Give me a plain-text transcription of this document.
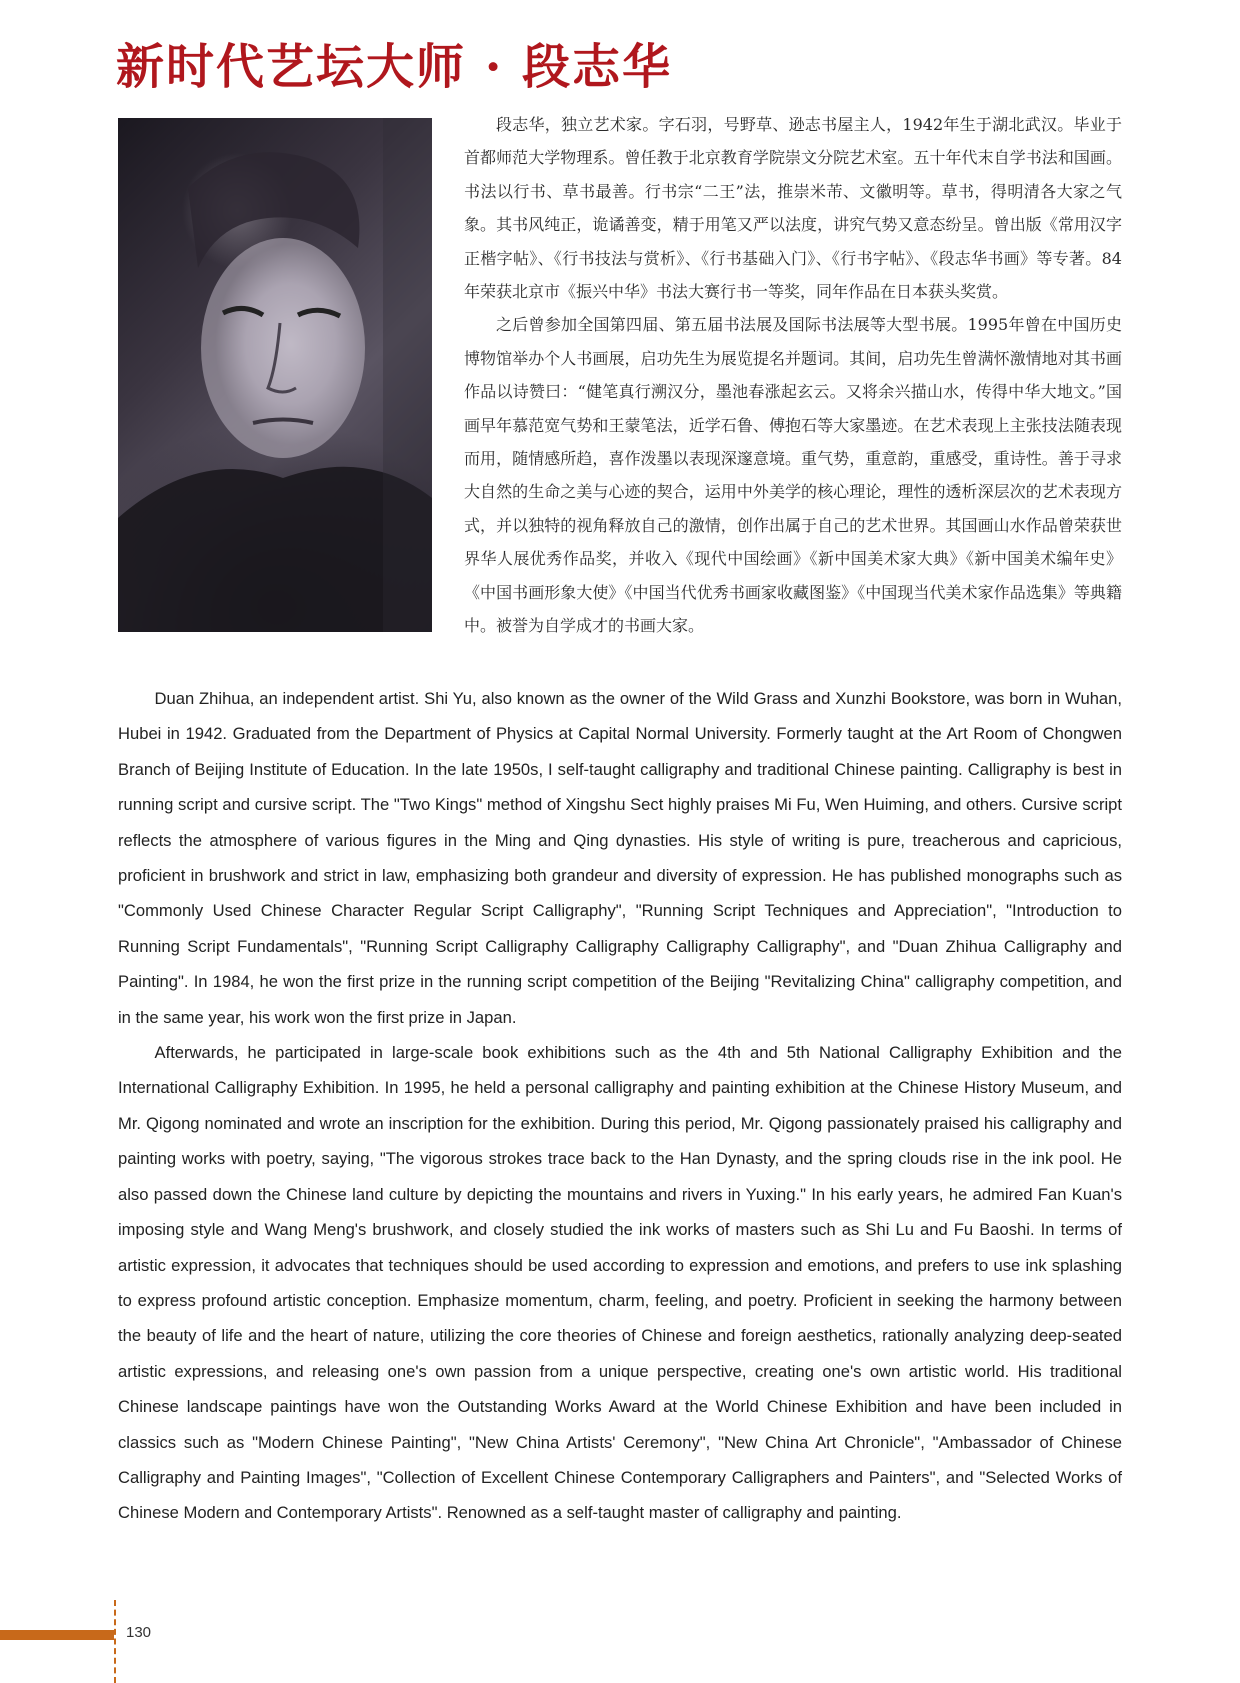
新时代艺坛大师 · 段志华

段志华，独立艺术家。字石羽，号野草、逊志书屋主人，1942年生于湖北武汉。毕业于首都师范大学物理系。曾任教于北京教育学院崇文分院艺术室。五十年代末自学书法和国画。书法以行书、草书最善。行书宗“二王”法，推崇米芾、文徽明等。草书，得明清各大家之气象。其书风纯正，诡谲善变，精于用笔又严以法度，讲究气势又意态纷呈。曾出版《常用汉字正楷字帖》、《行书技法与赏析》、《行书基础入门》、《行书字帖》、《段志华书画》等专著。84年荣获北京市《振兴中华》书法大赛行书一等奖，同年作品在日本获头奖赏。

之后曾参加全国第四届、第五届书法展及国际书法展等大型书展。1995年曾在中国历史博物馆举办个人书画展，启功先生为展览提名并题词。其间，启功先生曾满怀激情地对其书画作品以诗赞曰：“健笔真行溯汉分，墨池春涨起玄云。又将余兴描山水，传得中华大地文。”国画早年慕范宽气势和王蒙笔法，近学石鲁、傅抱石等大家墨迹。在艺术表现上主张技法随表现而用，随情感所趋，喜作泼墨以表现深邃意境。重气势，重意韵，重感受，重诗性。善于寻求大自然的生命之美与心迹的契合，运用中外美学的核心理论，理性的透析深层次的艺术表现方式，并以独特的视角释放自己的激情，创作出属于自己的艺术世界。其国画山水作品曾荣获世界华人展优秀作品奖，并收入《现代中国绘画》《新中国美术家大典》《新中国美术编年史》《中国书画形象大使》《中国当代优秀书画家收藏图鉴》《中国现当代美术家作品选集》等典籍中。被誉为自学成才的书画大家。

Duan Zhihua, an independent artist. Shi Yu, also known as the owner of the Wild Grass and Xunzhi Bookstore, was born in Wuhan, Hubei in 1942. Graduated from the Department of Physics at Capital Normal University. Formerly taught at the Art Room of Chongwen Branch of Beijing Institute of Education. In the late 1950s, I self-taught calligraphy and traditional Chinese painting. Calligraphy is best in running script and cursive script. The "Two Kings" method of Xingshu Sect highly praises Mi Fu, Wen Huiming, and others. Cursive script reflects the atmosphere of various figures in the Ming and Qing dynasties. His style of writing is pure, treacherous and capricious, proficient in brushwork and strict in law, emphasizing both grandeur and diversity of expression. He has published monographs such as "Commonly Used Chinese Character Regular Script Calligraphy", "Running Script Techniques and Appreciation", "Introduction to Running Script Fundamentals", "Running Script Calligraphy Calligraphy Calligraphy Calligraphy", and "Duan Zhihua Calligraphy and Painting". In 1984, he won the first prize in the running script competition of the Beijing "Revitalizing China" calligraphy competition, and in the same year, his work won the first prize in Japan.

Afterwards, he participated in large-scale book exhibitions such as the 4th and 5th National Calligraphy Exhibition and the International Calligraphy Exhibition. In 1995, he held a personal calligraphy and painting exhibition at the Chinese History Museum, and Mr. Qigong nominated and wrote an inscription for the exhibition. During this period, Mr. Qigong passionately praised his calligraphy and painting works with poetry, saying, "The vigorous strokes trace back to the Han Dynasty, and the spring clouds rise in the ink pool. He also passed down the Chinese land culture by depicting the mountains and rivers in Yuxing." In his early years, he admired Fan Kuan's imposing style and Wang Meng's brushwork, and closely studied the ink works of masters such as Shi Lu and Fu Baoshi. In terms of artistic expression, it advocates that techniques should be used according to expression and emotions, and prefers to use ink splashing to express profound artistic conception. Emphasize momentum, charm, feeling, and poetry. Proficient in seeking the harmony between the beauty of life and the heart of nature, utilizing the core theories of Chinese and foreign aesthetics, rationally analyzing deep-seated artistic expressions, and releasing one's own passion from a unique perspective, creating one's own artistic world. His traditional Chinese landscape paintings have won the Outstanding Works Award at the World Chinese Exhibition and have been included in classics such as "Modern Chinese Painting", "New China Artists' Ceremony", "New China Art Chronicle", "Ambassador of Chinese Calligraphy and Painting Images", "Collection of Excellent Chinese Contemporary Calligraphers and Painters", and "Selected Works of Chinese Modern and Contemporary Artists". Renowned as a self-taught master of calligraphy and painting.

130
